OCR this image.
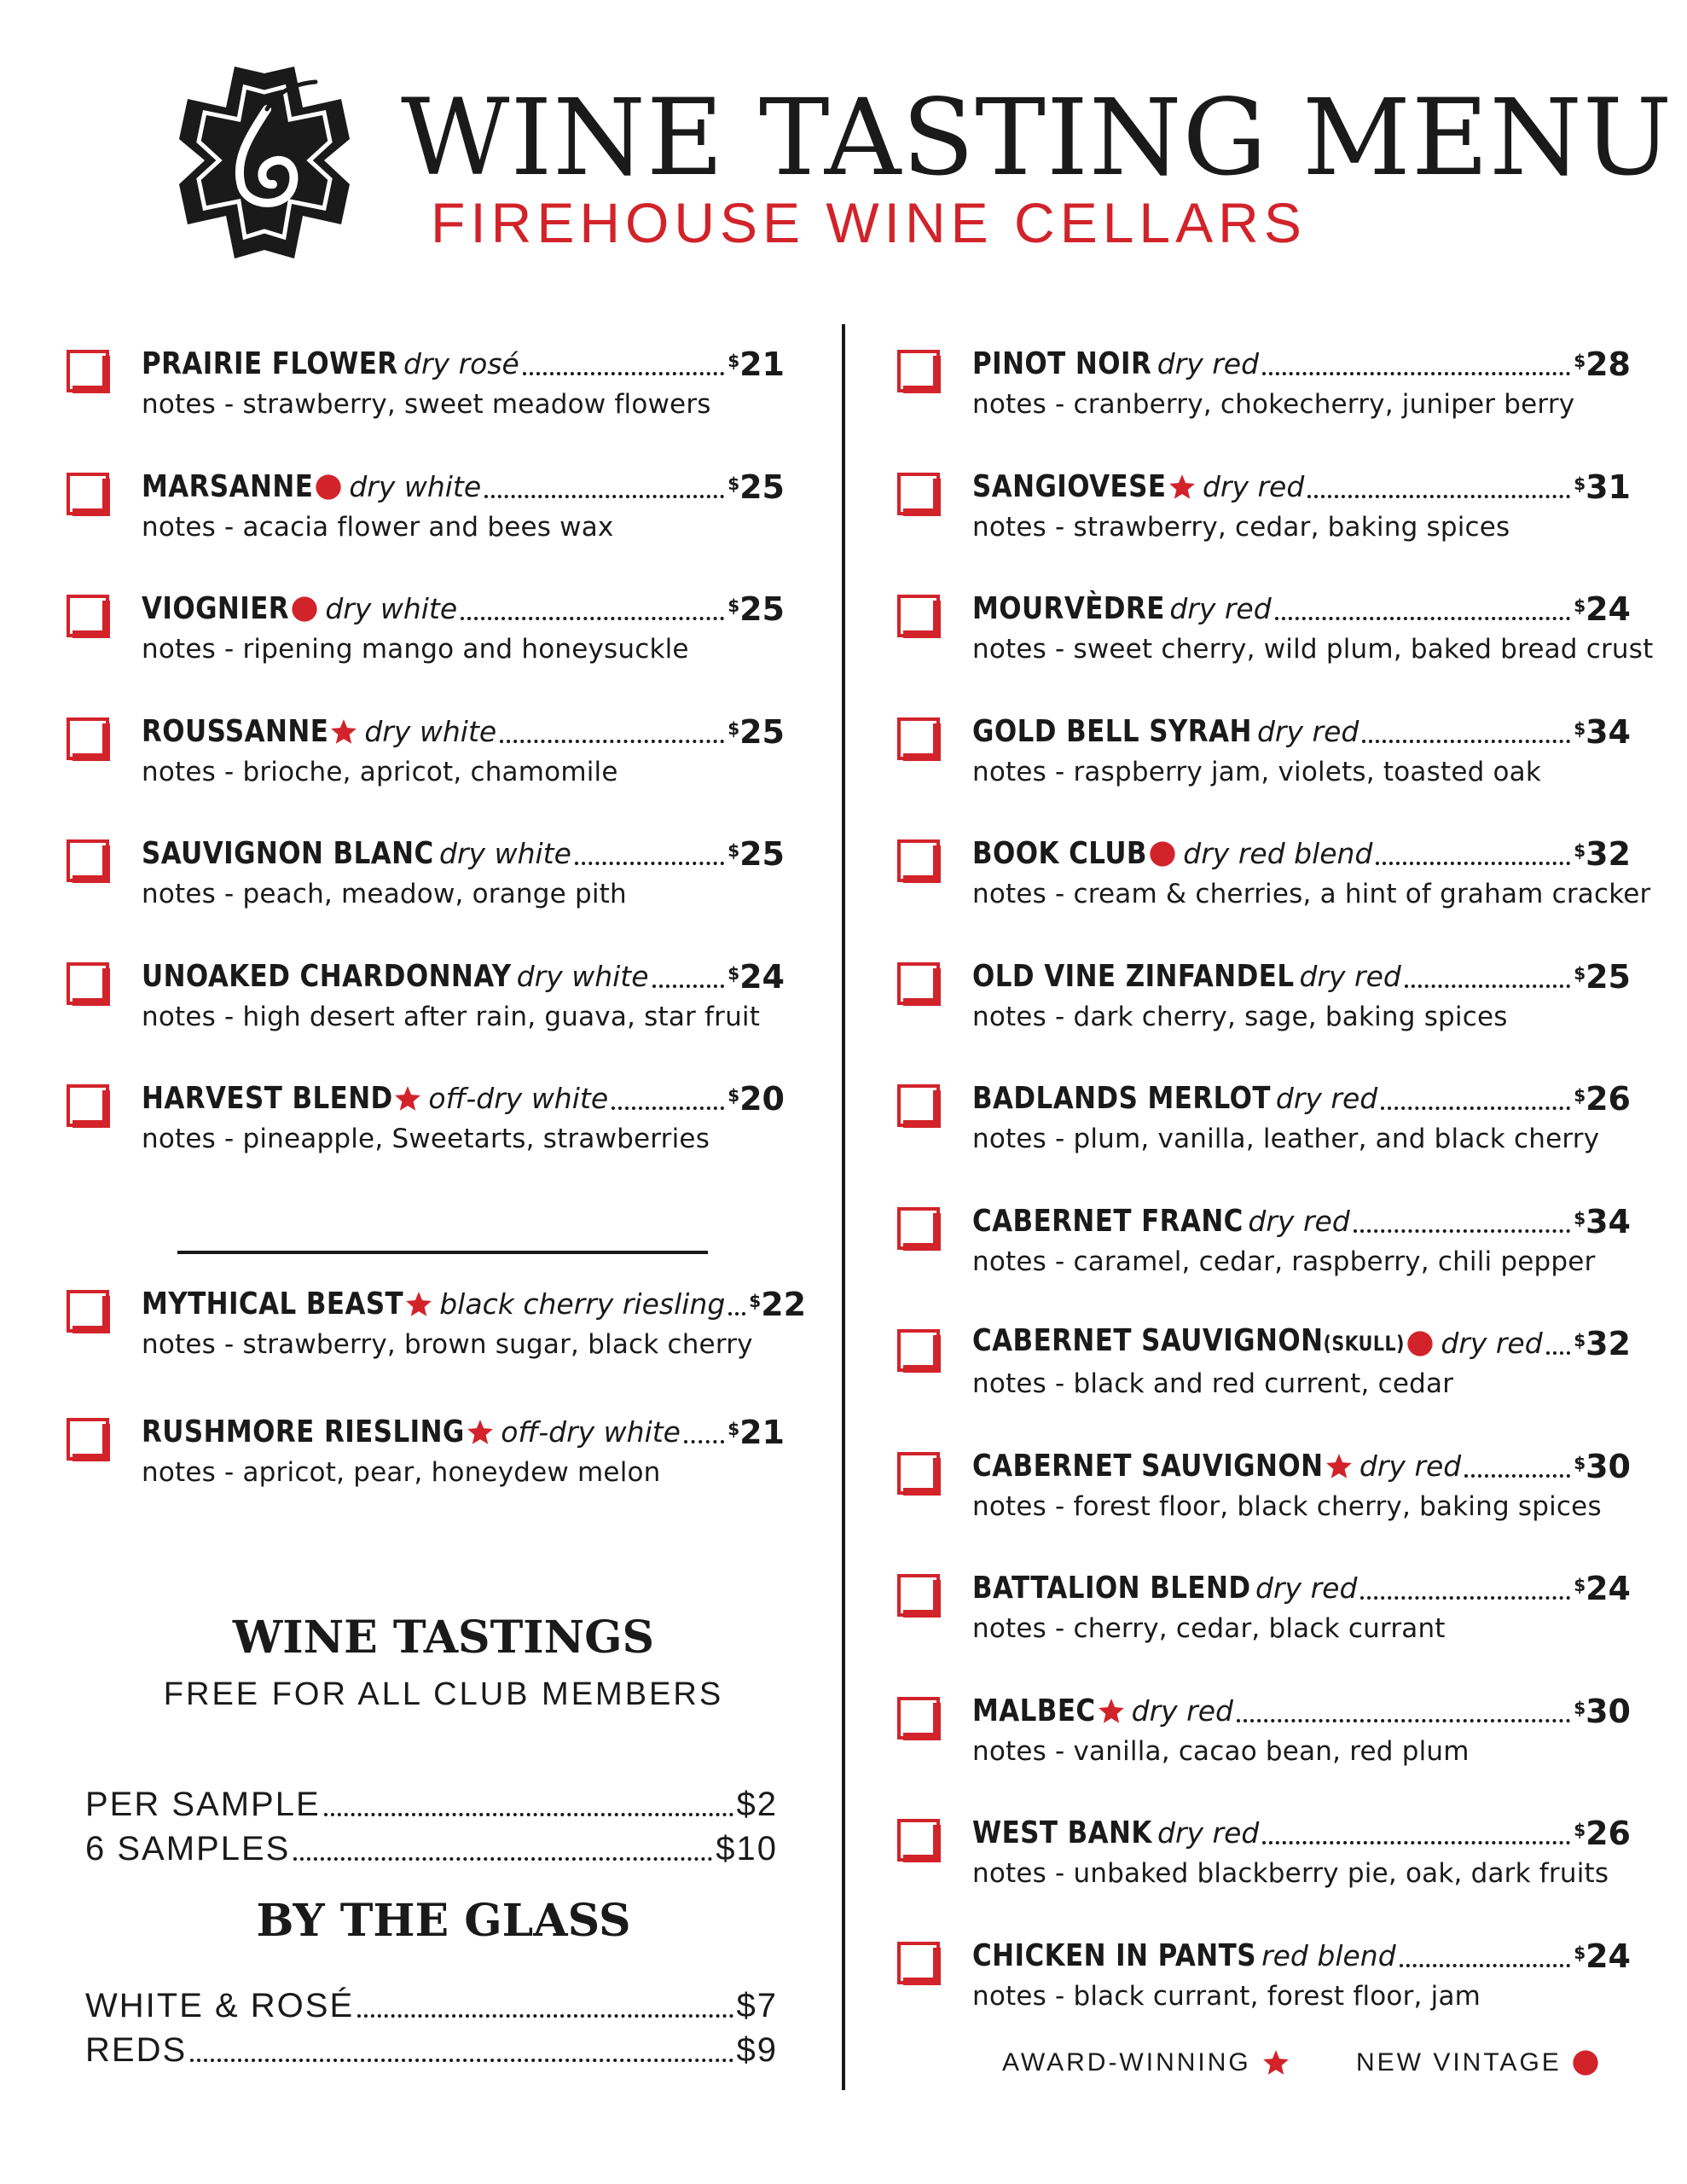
WINE TASTING MENU
FIREHOUSE WINE CELLARS
PRAIRIE FLOWER dry rosé	$21
notes - strawberry, sweet meadow flowers
MARSANNE dry white	$25
notes - acacia flower and bees wax
VIOGNIER dry white	$25
notes - ripening mango and honeysuckle
ROUSSANNE dry white	$25
notes - brioche, apricot, chamomile
SAUVIGNON BLANC dry white	$25
notes - peach, meadow, orange pith
UNOAKED CHARDONNAY dry white	$24
notes - high desert after rain, guava, star fruit
HARVEST BLEND off-dry white	$20
notes - pineapple, Sweetarts, strawberries
MYTHICAL BEAST black cherry riesling $22
notes - strawberry, brown sugar, black cherry
RUSHMORE RIESLING off-dry white	$21
notes - apricot, pear, honeydew melon
WINE TASTINGS
FREE FOR ALL CLUB MEMBERS
PER SAMPLE	$2
6 SAMPLES	$10
BY THE GLASS
WHITE & ROSÉ	$7
REDS	$9
PINOT NOIR dry red	$28
notes - cranberry, chokecherry, juniper berry
SANGIOVESE dry red	$31
notes - strawberry, cedar, baking spices
MOURVÈDRE dry red	$24
notes - sweet cherry, wild plum, baked bread crust
GOLD BELL SYRAH dry red	$34
notes - raspberry jam, violets, toasted oak
BOOK CLUB dry red blend	$32
notes - cream & cherries, a hint of graham cracker
OLD VINE ZINFANDEL dry red	$25
notes - dark cherry, sage, baking spices
BADLANDS MERLOT dry red	$26
notes - plum, vanilla, leather, and black cherry
CABERNET FRANC dry red	$34
notes - caramel, cedar, raspberry, chili pepper
CABERNET SAUVIGNON(SKULL) dry red $32
notes - black and red current, cedar
CABERNET SAUVIGNON dry red	$30
notes - forest floor, black cherry, baking spices
BATTALION BLEND dry red	$24
notes - cherry, cedar, black currant
MALBEC dry red	$30
notes - vanilla, cacao bean, red plum
WEST BANK dry red	$26
notes - unbaked blackberry pie, oak, dark fruits
CHICKEN IN PANTS red blend	$24
notes - black currant, forest floor, jam
AWARD-WINNING	NEW VINTAGE
